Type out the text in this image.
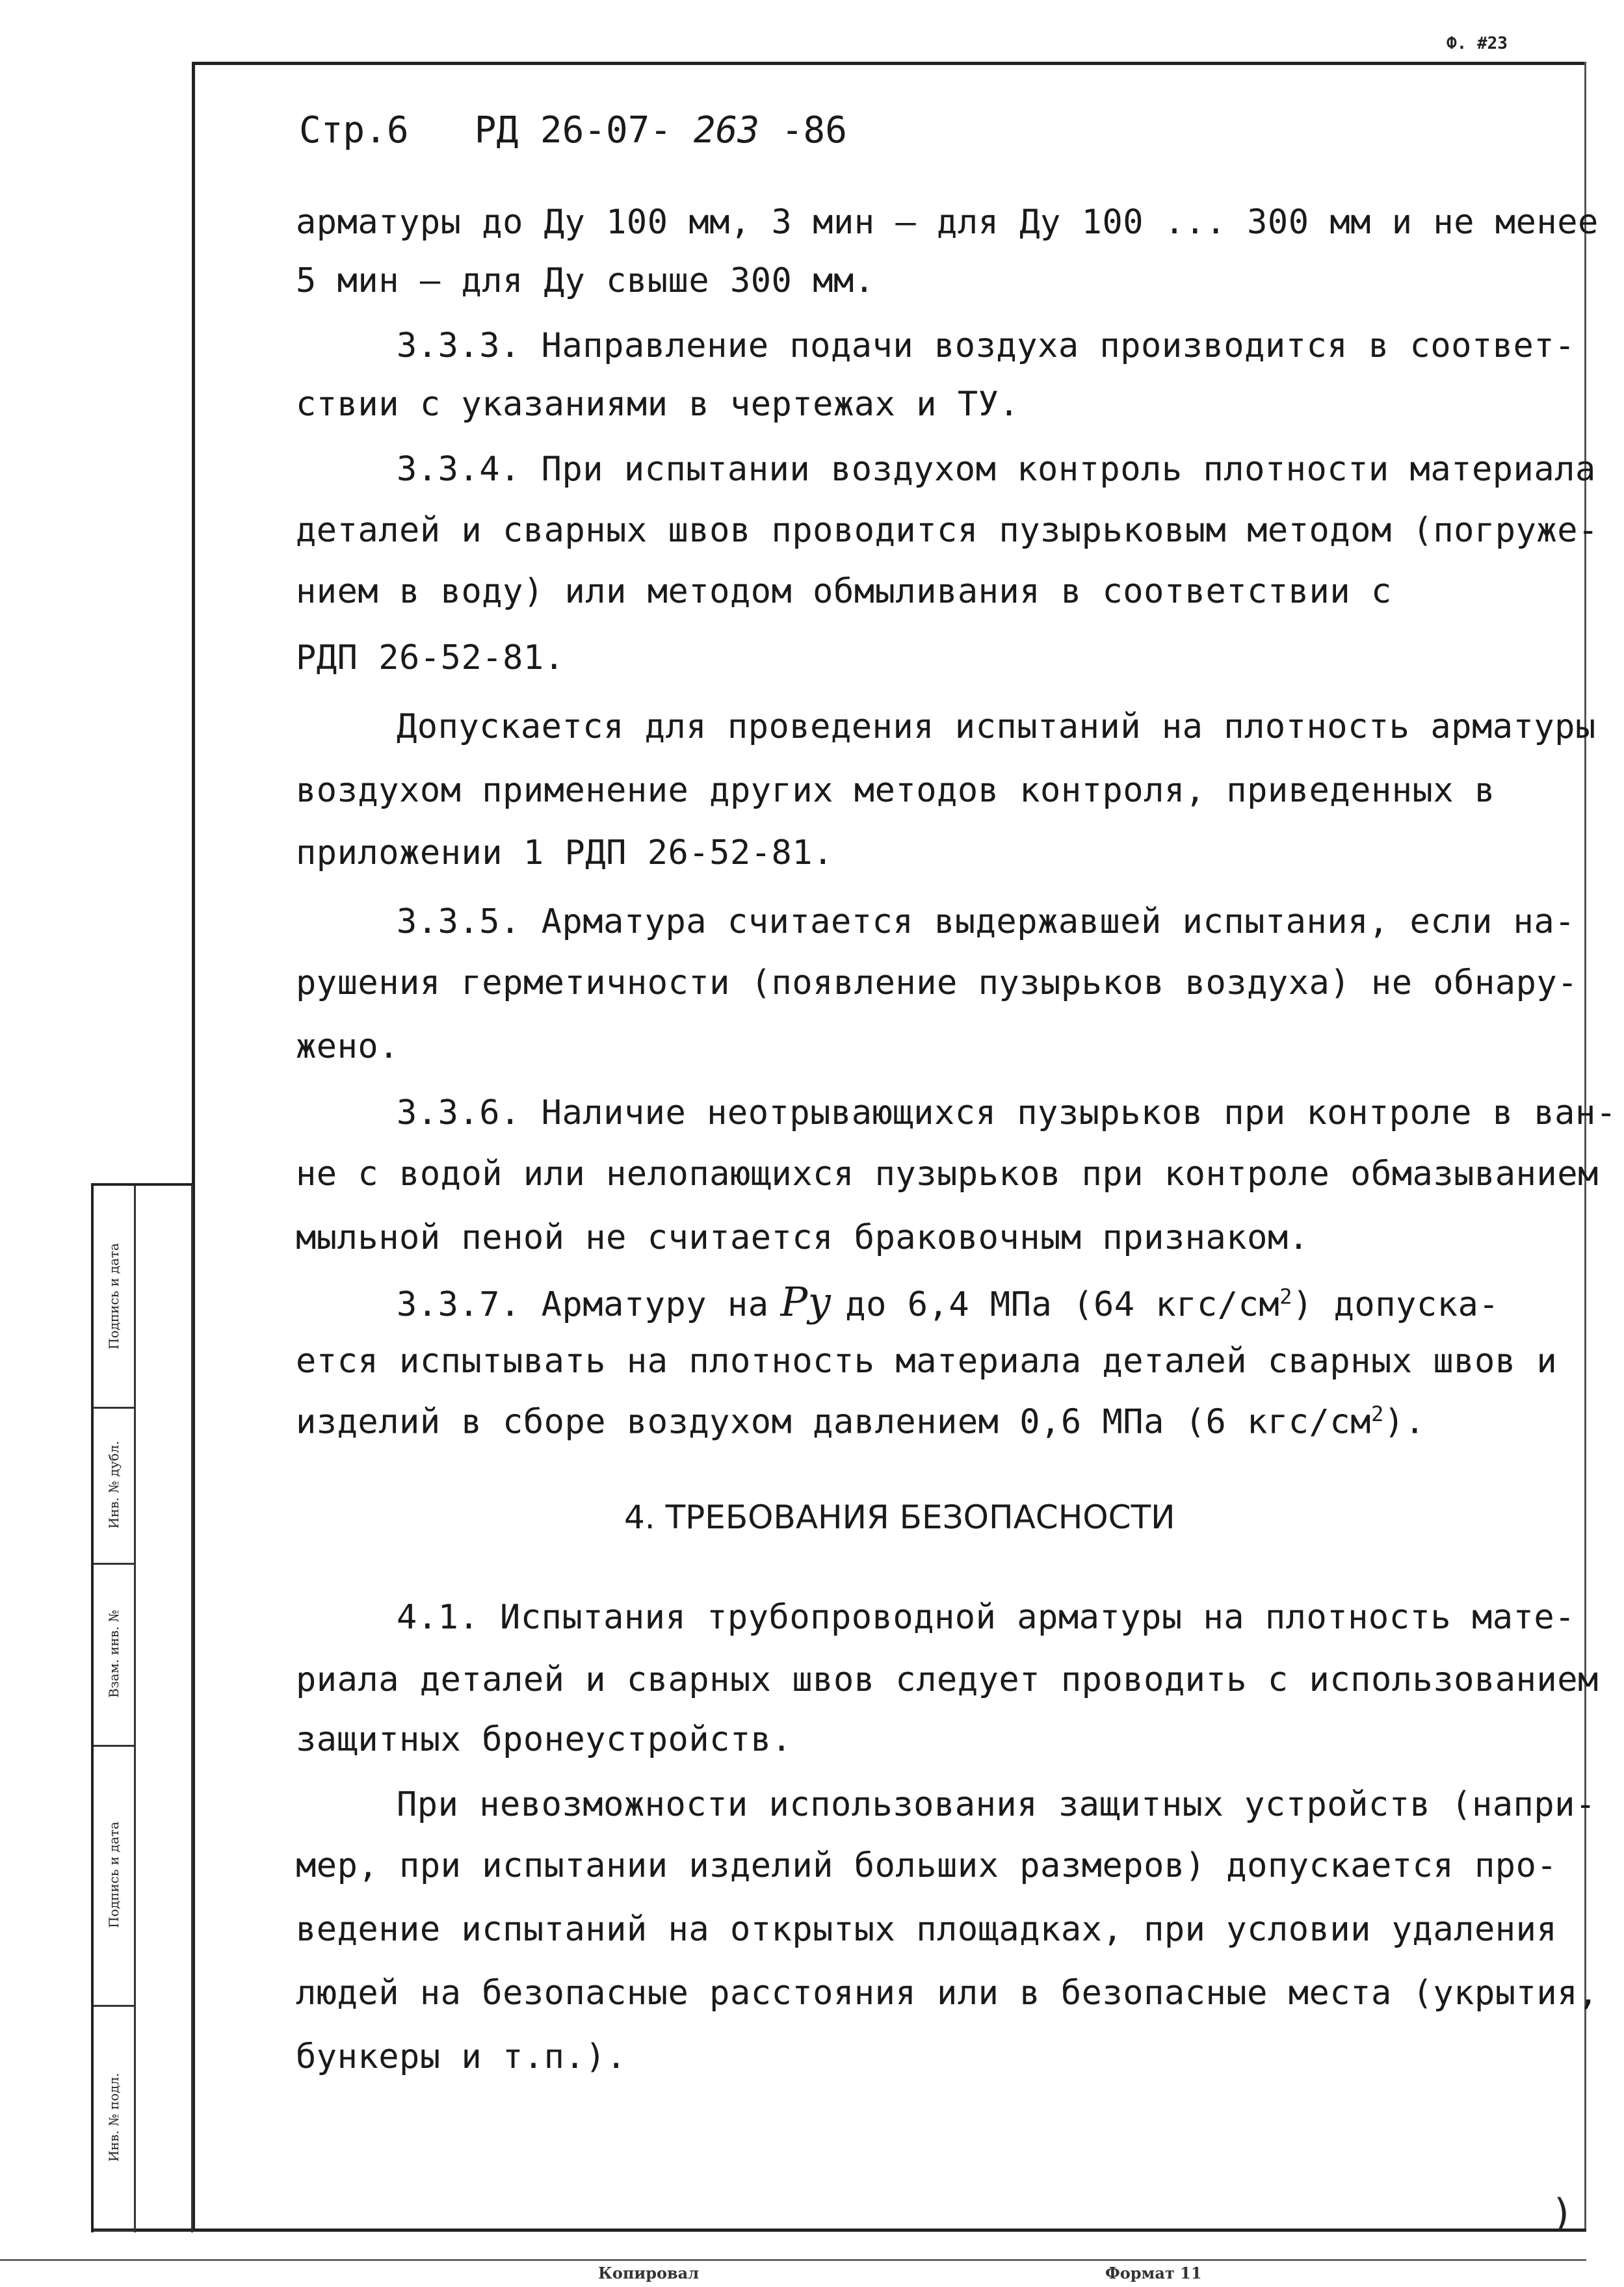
Ф. #23
)
Подпись и дата
Инв. № дубл.
Взам. инв. №
Подпись и дата
Инв. № подл.
Стр.6 РД 26-07- 263 -86
арматуры до Ду 100 мм, 3 мин – для Ду 100 ... 300 мм и не менее
5 мин – для Ду свыше 300 мм.
3.3.3. Направление подачи воздуха производится в соответ-
ствии с указаниями в чертежах и ТУ.
3.3.4. При испытании воздухом контроль плотности материала
деталей и сварных швов проводится пузырьковым методом (погруже-
нием в воду) или методом обмыливания в соответствии с
РДП 26-52-81.
Допускается для проведения испытаний на плотность арматуры
воздухом применение других методов контроля, приведенных в
приложении 1 РДП 26-52-81.
3.3.5. Арматура считается выдержавшей испытания, если на-
рушения герметичности (появление пузырьков воздуха) не обнару-
жено.
3.3.6. Наличие неотрывающихся пузырьков при контроле в ван-
не с водой или нелопающихся пузырьков при контроле обмазыванием
мыльной пеной не считается браковочным признаком.
3.3.7. Арматуру на Py до 6,4 МПа (64 кгс/$см^2$) допуска-
ется испытывать на плотность материала деталей сварных швов и
изделий в сборе воздухом давлением 0,6 МПа (6 кгс/$см^2$).
4. ТРЕБОВАНИЯ БЕЗОПАСНОСТИ
4.1. Испытания трубопроводной арматуры на плотность мате-
риала деталей и сварных швов следует проводить с использованием
защитных бронеустройств.
При невозможности использования защитных устройств (напри-
мер, при испытании изделий больших размеров) допускается про-
ведение испытаний на открытых площадках, при условии удаления
людей на безопасные расстояния или в безопасные места (укрытия,
бункеры и т.п.).
Копировал	Формат 11
